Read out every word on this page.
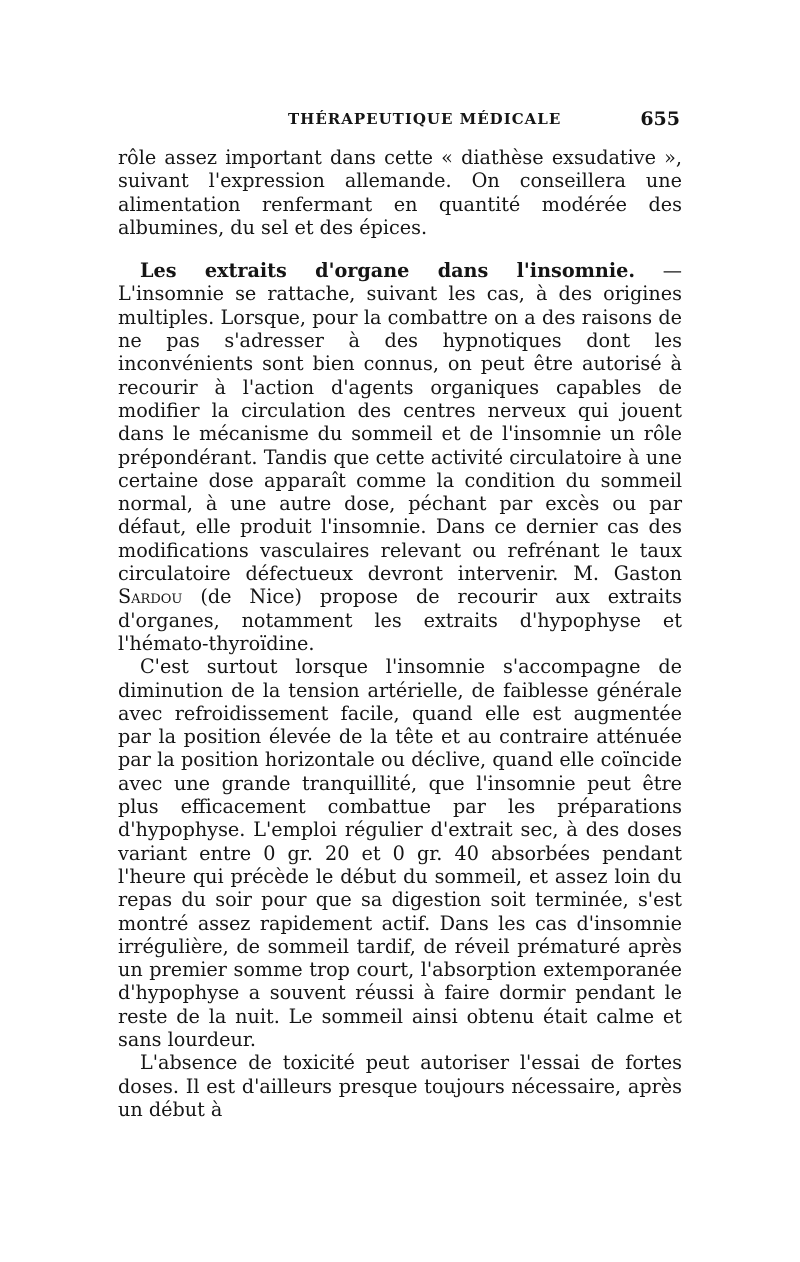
THÉRAPEUTIQUE MÉDICALE	655

rôle assez important dans cette « diathèse exsudative », suivant l'expression allemande. On conseillera une alimentation renfermant en quantité modérée des albumines, du sel et des épices.

Les extraits d'organe dans l'insomnie. — L'insomnie se rattache, suivant les cas, à des origines multiples. Lorsque, pour la combattre on a des raisons de ne pas s'adresser à des hypnotiques dont les inconvénients sont bien connus, on peut être autorisé à recourir à l'action d'agents organiques capables de modifier la circulation des centres nerveux qui jouent dans le mécanisme du sommeil et de l'insomnie un rôle prépondérant. Tandis que cette activité circulatoire à une certaine dose apparaît comme la condition du sommeil normal, à une autre dose, péchant par excès ou par défaut, elle produit l'insomnie. Dans ce dernier cas des modifications vasculaires relevant ou refrénant le taux circulatoire défectueux devront intervenir. M. Gaston Sardou (de Nice) propose de recourir aux extraits d'organes, notamment les extraits d'hypophyse et l'hémato-thyroïdine.

C'est surtout lorsque l'insomnie s'accompagne de diminution de la tension artérielle, de faiblesse générale avec refroidissement facile, quand elle est augmentée par la position élevée de la tête et au contraire atténuée par la position horizontale ou déclive, quand elle coïncide avec une grande tranquillité, que l'insomnie peut être plus efficacement combattue par les préparations d'hypophyse. L'emploi régulier d'extrait sec, à des doses variant entre 0 gr. 20 et 0 gr. 40 absorbées pendant l'heure qui précède le début du sommeil, et assez loin du repas du soir pour que sa digestion soit terminée, s'est montré assez rapidement actif. Dans les cas d'insomnie irrégulière, de sommeil tardif, de réveil prématuré après un premier somme trop court, l'absorption extemporanée d'hypophyse a souvent réussi à faire dormir pendant le reste de la nuit. Le sommeil ainsi obtenu était calme et sans lourdeur.

L'absence de toxicité peut autoriser l'essai de fortes doses. Il est d'ailleurs presque toujours nécessaire, après un début à
